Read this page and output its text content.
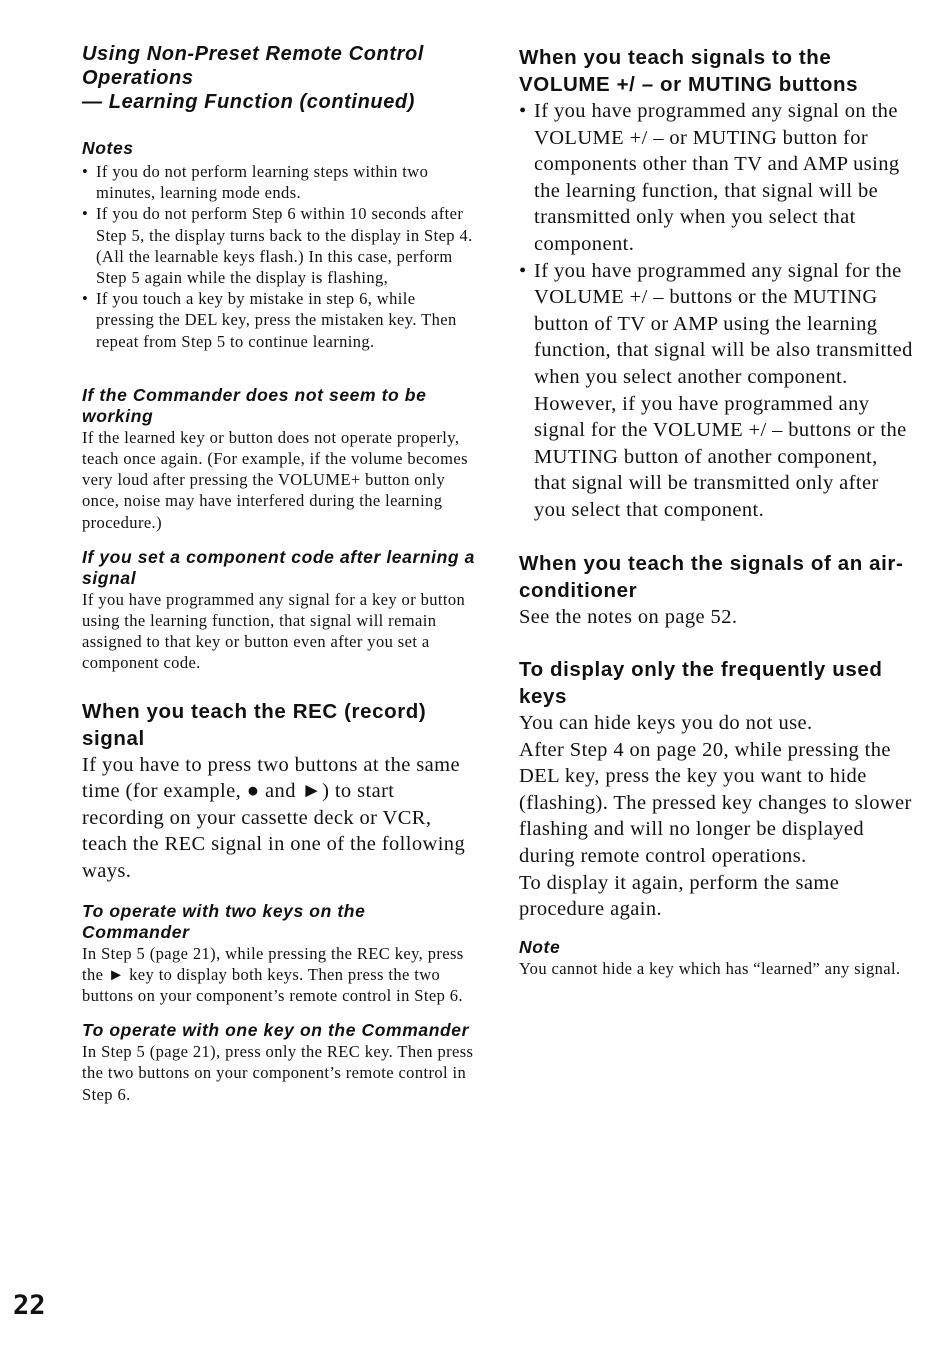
Using Non-Preset Remote Control
Operations
— Learning Function (continued)
Notes
• If you do not perform learning steps within two minutes, learning mode ends.
• If you do not perform Step 6 within 10 seconds after Step 5, the display turns back to the display in Step 4. (All the learnable keys flash.) In this case, perform Step 5 again while the display is flashing,
• If you touch a key by mistake in step 6, while pressing the DEL key, press the mistaken key. Then repeat from Step 5 to continue learning.
If the Commander does not seem to be working

If the learned key or button does not operate properly, teach once again. (For example, if the volume becomes very loud after pressing the VOLUME+ button only once, noise may have interfered during the learning procedure.)

If you set a component code after learning a signal

If you have programmed any signal for a key or button using the learning function, that signal will remain assigned to that key or button even after you set a component code.

When you teach the REC (record) signal

If you have to press two buttons at the same time (for example, ● and ►) to start recording on your cassette deck or VCR, teach the REC signal in one of the following ways.

To operate with two keys on the Commander

In Step 5 (page 21), while pressing the REC key, press the ► key to display both keys. Then press the two buttons on your component’s remote control in Step 6.

To operate with one key on the Commander

In Step 5 (page 21), press only the REC key. Then press the two buttons on your component’s remote control in Step 6.

When you teach signals to the VOLUME +/ – or MUTING buttons
• If you have programmed any signal on the VOLUME +/ – or MUTING button for components other than TV and AMP using the learning function, that signal will be transmitted only when you select that component.
• If you have programmed any signal for the VOLUME +/ – buttons or the MUTING button of TV or AMP using the learning function, that signal will be also transmitted when you select another component.
However, if you have programmed any signal for the VOLUME +/ – buttons or the MUTING button of another component, that signal will be transmitted only after you select that component.
When you teach the signals of an air-conditioner

See the notes on page 52.

To display only the frequently used keys

You can hide keys you do not use.

After Step 4 on page 20, while pressing the DEL key, press the key you want to hide (flashing). The pressed key changes to slower flashing and will no longer be displayed during remote control operations.

To display it again, perform the same procedure again.

Note

You cannot hide a key which has “learned” any signal.

22
